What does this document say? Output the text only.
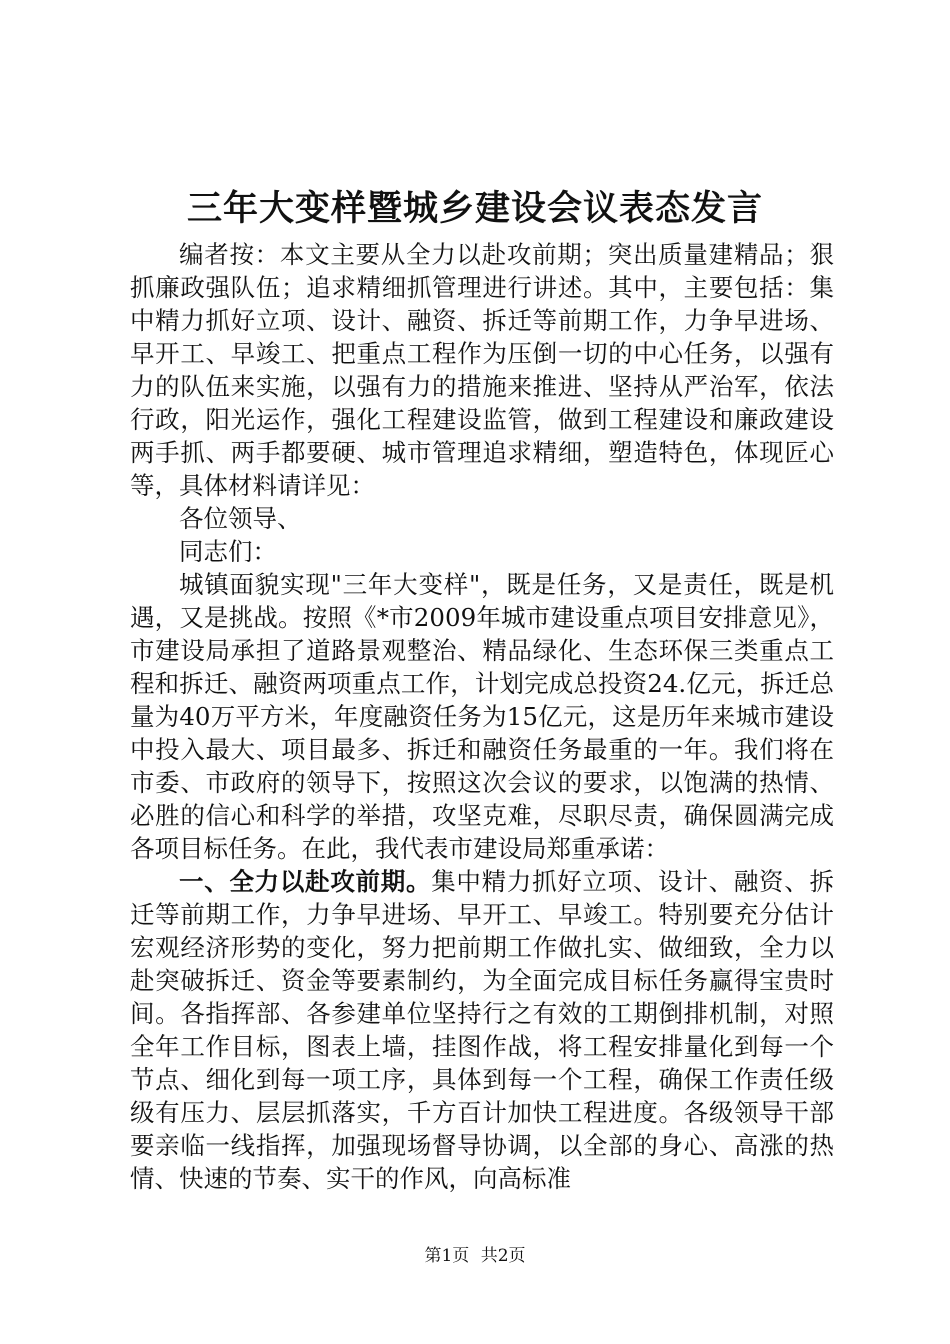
三年大变样暨城乡建设会议表态发言

编者按：本文主要从全力以赴攻前期；突出质量建精品；狠抓廉政强队伍；追求精细抓管理进行讲述。其中，主要包括：集中精力抓好立项、设计、融资、拆迁等前期工作，力争早进场、早开工、早竣工、把重点工程作为压倒一切的中心任务，以强有力的队伍来实施，以强有力的措施来推进、坚持从严治军，依法行政，阳光运作，强化工程建设监管，做到工程建设和廉政建设两手抓、两手都要硬、城市管理追求精细，塑造特色，体现匠心等，具体材料请详见：

各位领导、

同志们：

城镇面貌实现"三年大变样"，既是任务，又是责任，既是机遇，又是挑战。按照《*市2009年城市建设重点项目安排意见》，市建设局承担了道路景观整治、精品绿化、生态环保三类重点工程和拆迁、融资两项重点工作，计划完成总投资24.亿元，拆迁总量为40万平方米，年度融资任务为15亿元，这是历年来城市建设中投入最大、项目最多、拆迁和融资任务最重的一年。我们将在市委、市政府的领导下，按照这次会议的要求，以饱满的热情、必胜的信心和科学的举措，攻坚克难，尽职尽责，确保圆满完成各项目标任务。在此，我代表市建设局郑重承诺：

一、全力以赴攻前期。集中精力抓好立项、设计、融资、拆迁等前期工作，力争早进场、早开工、早竣工。特别要充分估计宏观经济形势的变化，努力把前期工作做扎实、做细致，全力以赴突破拆迁、资金等要素制约，为全面完成目标任务赢得宝贵时间。各指挥部、各参建单位坚持行之有效的工期倒排机制，对照全年工作目标，图表上墙，挂图作战，将工程安排量化到每一个节点、细化到每一项工序，具体到每一个工程，确保工作责任级级有压力、层层抓落实，千方百计加快工程进度。各级领导干部要亲临一线指挥，加强现场督导协调，以全部的身心、高涨的热情、快速的节奏、实干的作风，向高标准

第1页 共2页
